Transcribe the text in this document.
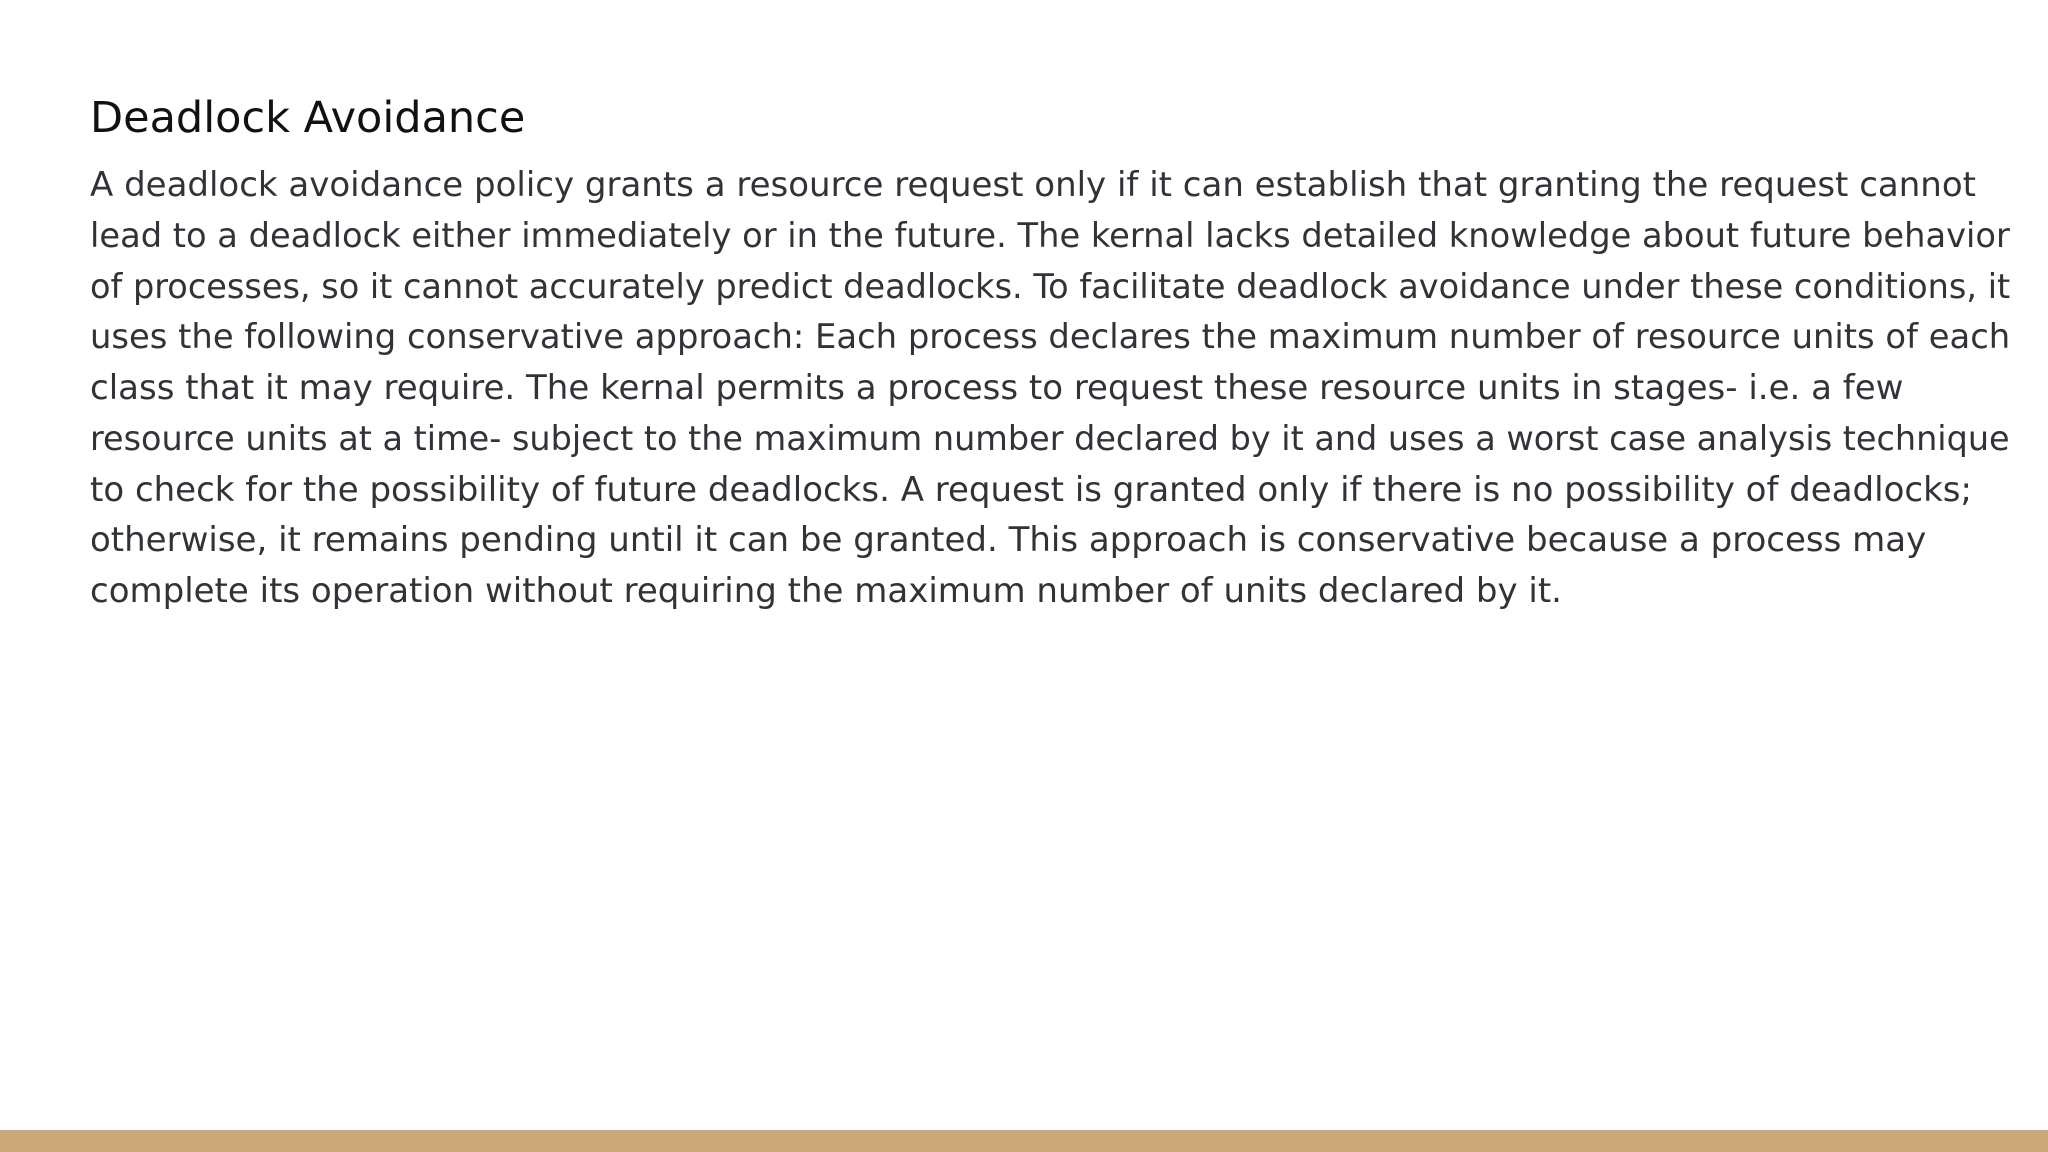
Deadlock Avoidance

A deadlock avoidance policy grants a resource request only if it can establish that granting the request cannot
lead to a deadlock either immediately or in the future. The kernal lacks detailed knowledge about future behavior
of processes, so it cannot accurately predict deadlocks. To facilitate deadlock avoidance under these conditions, it
uses the following conservative approach: Each process declares the maximum number of resource units of each
class that it may require. The kernal permits a process to request these resource units in stages- i.e. a few
resource units at a time- subject to the maximum number declared by it and uses a worst case analysis technique
to check for the possibility of future deadlocks. A request is granted only if there is no possibility of deadlocks;
otherwise, it remains pending until it can be granted. This approach is conservative because a process may
complete its operation without requiring the maximum number of units declared by it.
